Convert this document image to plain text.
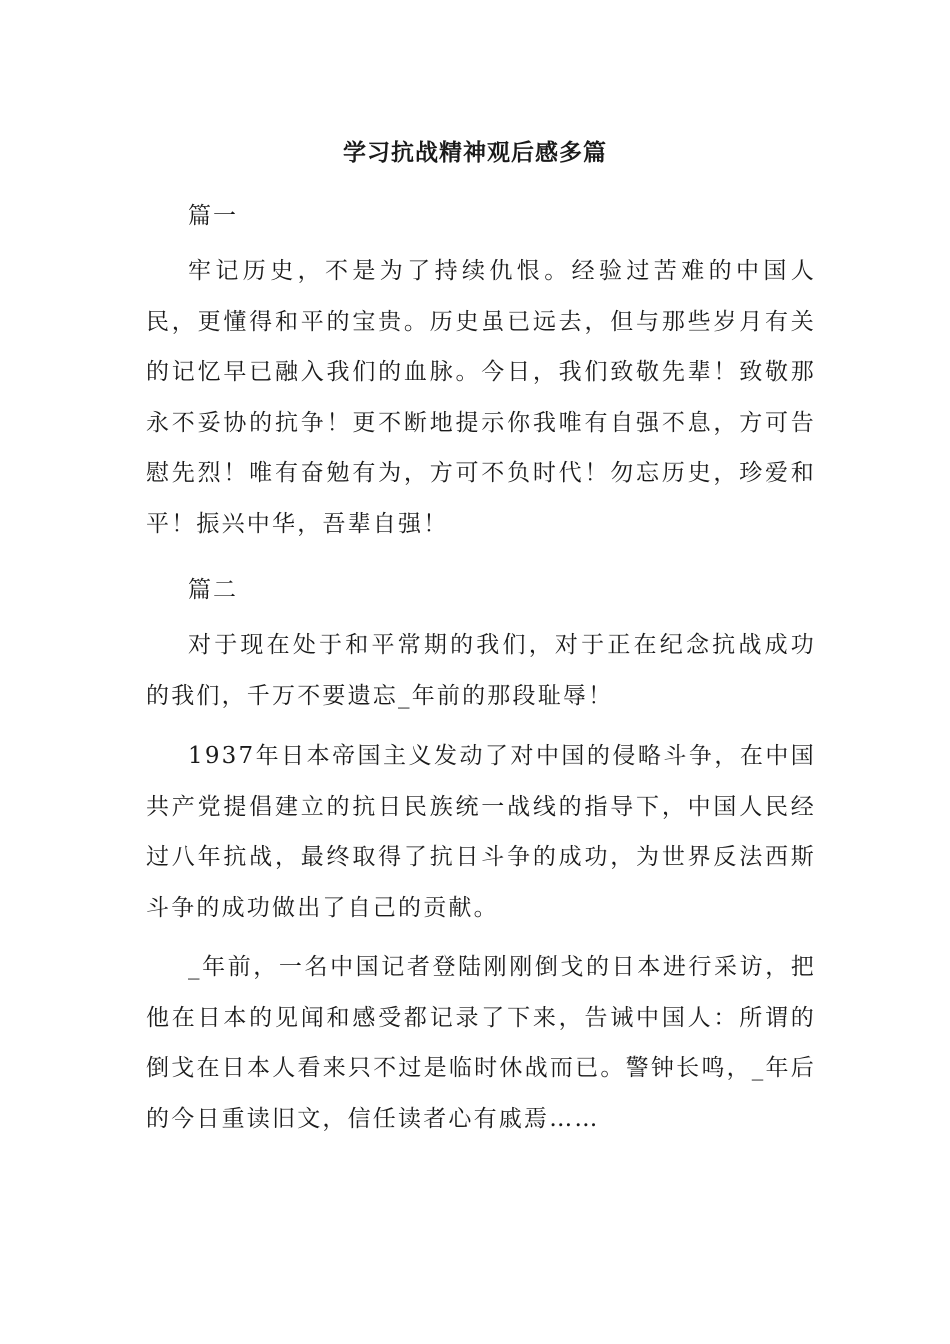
学习抗战精神观后感多篇
篇一

牢记历史，不是为了持续仇恨。经验过苦难的中国人民，更懂得和平的宝贵。历史虽已远去，但与那些岁月有关的记忆早已融入我们的血脉。今日，我们致敬先辈！致敬那永不妥协的抗争！更不断地提示你我唯有自强不息，方可告慰先烈！唯有奋勉有为，方可不负时代！勿忘历史，珍爱和平！振兴中华，吾辈自强！

篇二

对于现在处于和平常期的我们，对于正在纪念抗战成功的我们，千万不要遗忘_年前的那段耻辱！

1937年日本帝国主义发动了对中国的侵略斗争，在中国共产党提倡建立的抗日民族统一战线的指导下，中国人民经过八年抗战，最终取得了抗日斗争的成功，为世界反法西斯斗争的成功做出了自己的贡献。

_年前，一名中国记者登陆刚刚倒戈的日本进行采访，把他在日本的见闻和感受都记录了下来，告诫中国人：所谓的倒戈在日本人看来只不过是临时休战而已。警钟长鸣，_年后的今日重读旧文，信任读者心有戚焉……
